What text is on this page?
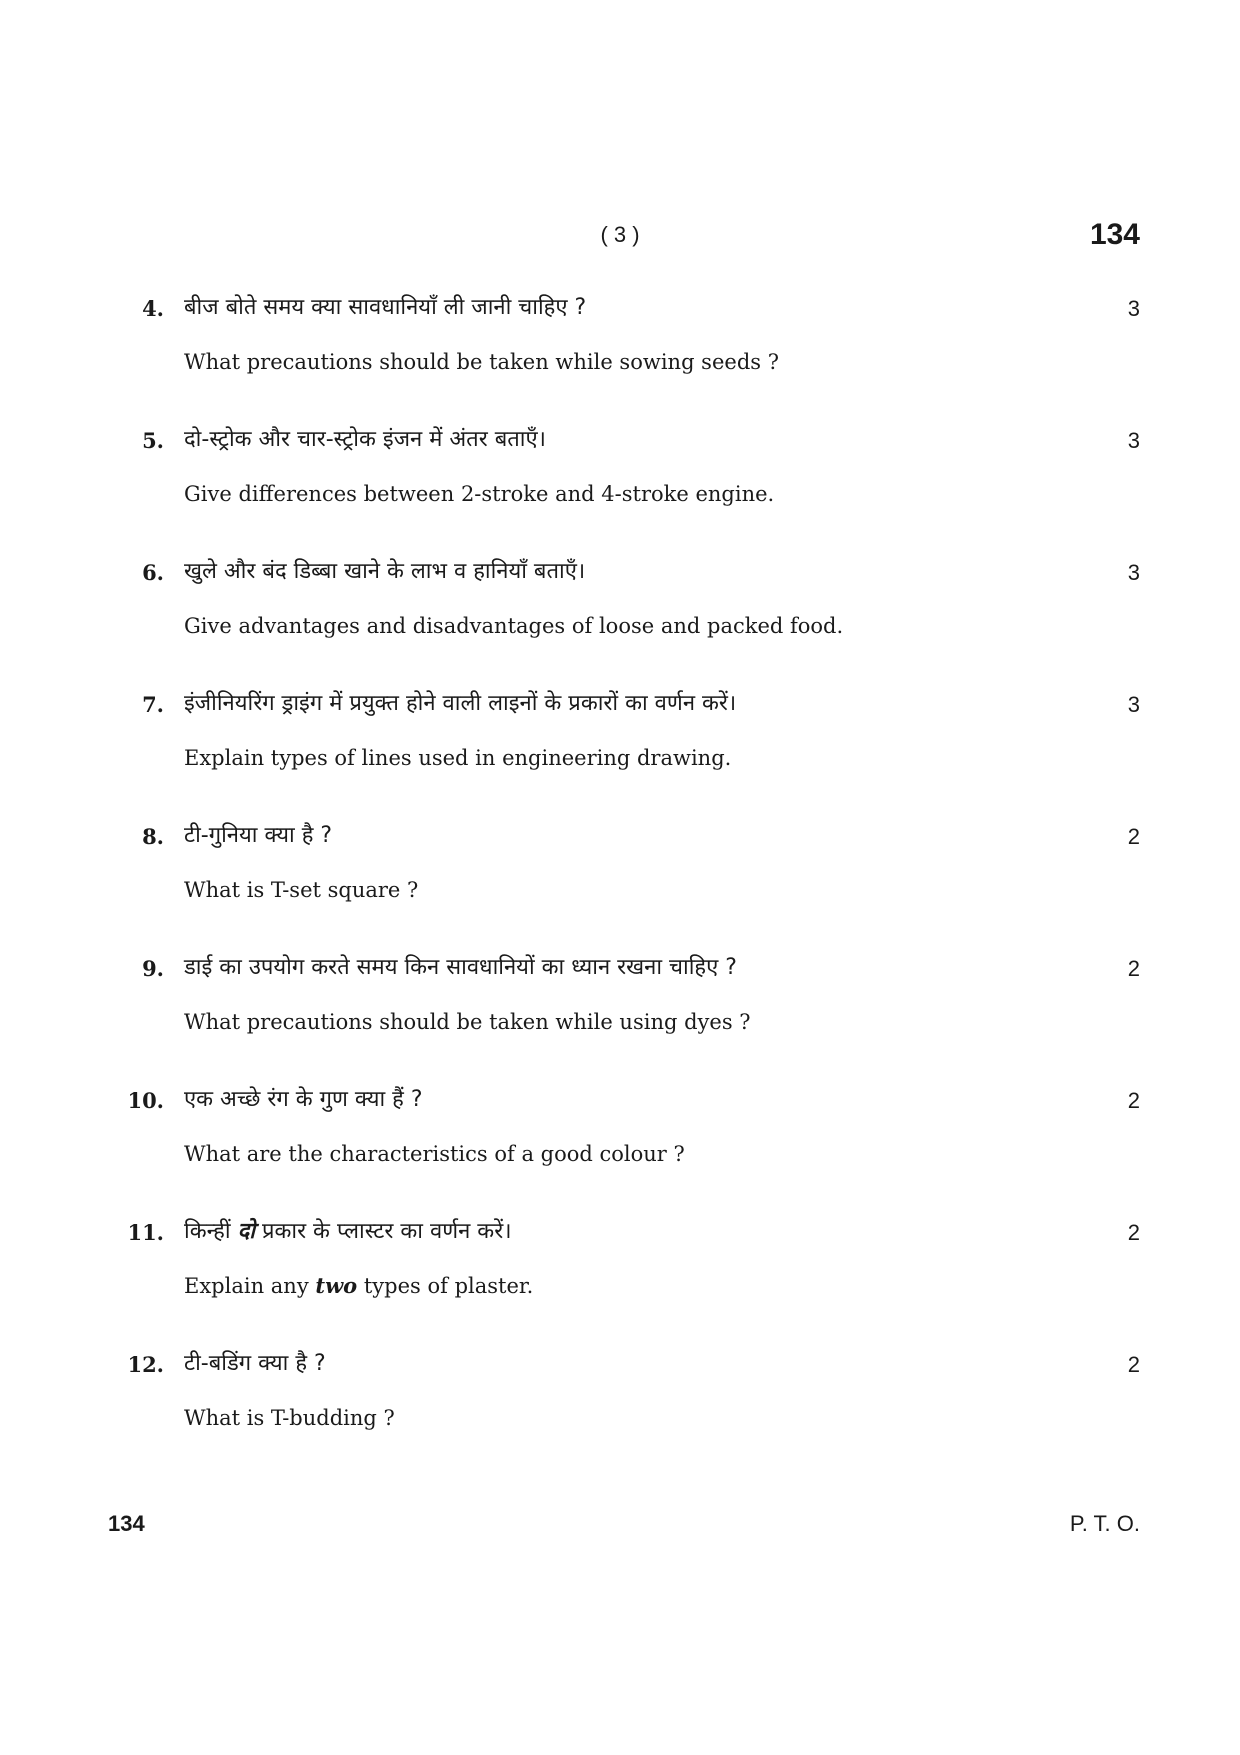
( 3 )	134
4. बीज बोते समय क्या सावधानियाँ ली जानी चाहिए ?
What precautions should be taken while sowing seeds ?
3
5. दो-स्ट्रोक और चार-स्ट्रोक इंजन में अंतर बताएँ।
Give differences between 2-stroke and 4-stroke engine.
3
6. खुले और बंद डिब्बा खाने के लाभ व हानियाँ बताएँ।
Give advantages and disadvantages of loose and packed food.
3
7. इंजीनियरिंग ड्राइंग में प्रयुक्त होने वाली लाइनों के प्रकारों का वर्णन करें।
Explain types of lines used in engineering drawing.
3
8. टी-गुनिया क्या है ?
What is T-set square ?
2
9. डाई का उपयोग करते समय किन सावधानियों का ध्यान रखना चाहिए ?
What precautions should be taken while using dyes ?
2
10. एक अच्छे रंग के गुण क्या हैं ?
What are the characteristics of a good colour ?
2
11. किन्हीं दो प्रकार के प्लास्टर का वर्णन करें।
Explain any two types of plaster.
2
12. टी-बडिंग क्या है ?
What is T-budding ?
2
134	P. T. O.
